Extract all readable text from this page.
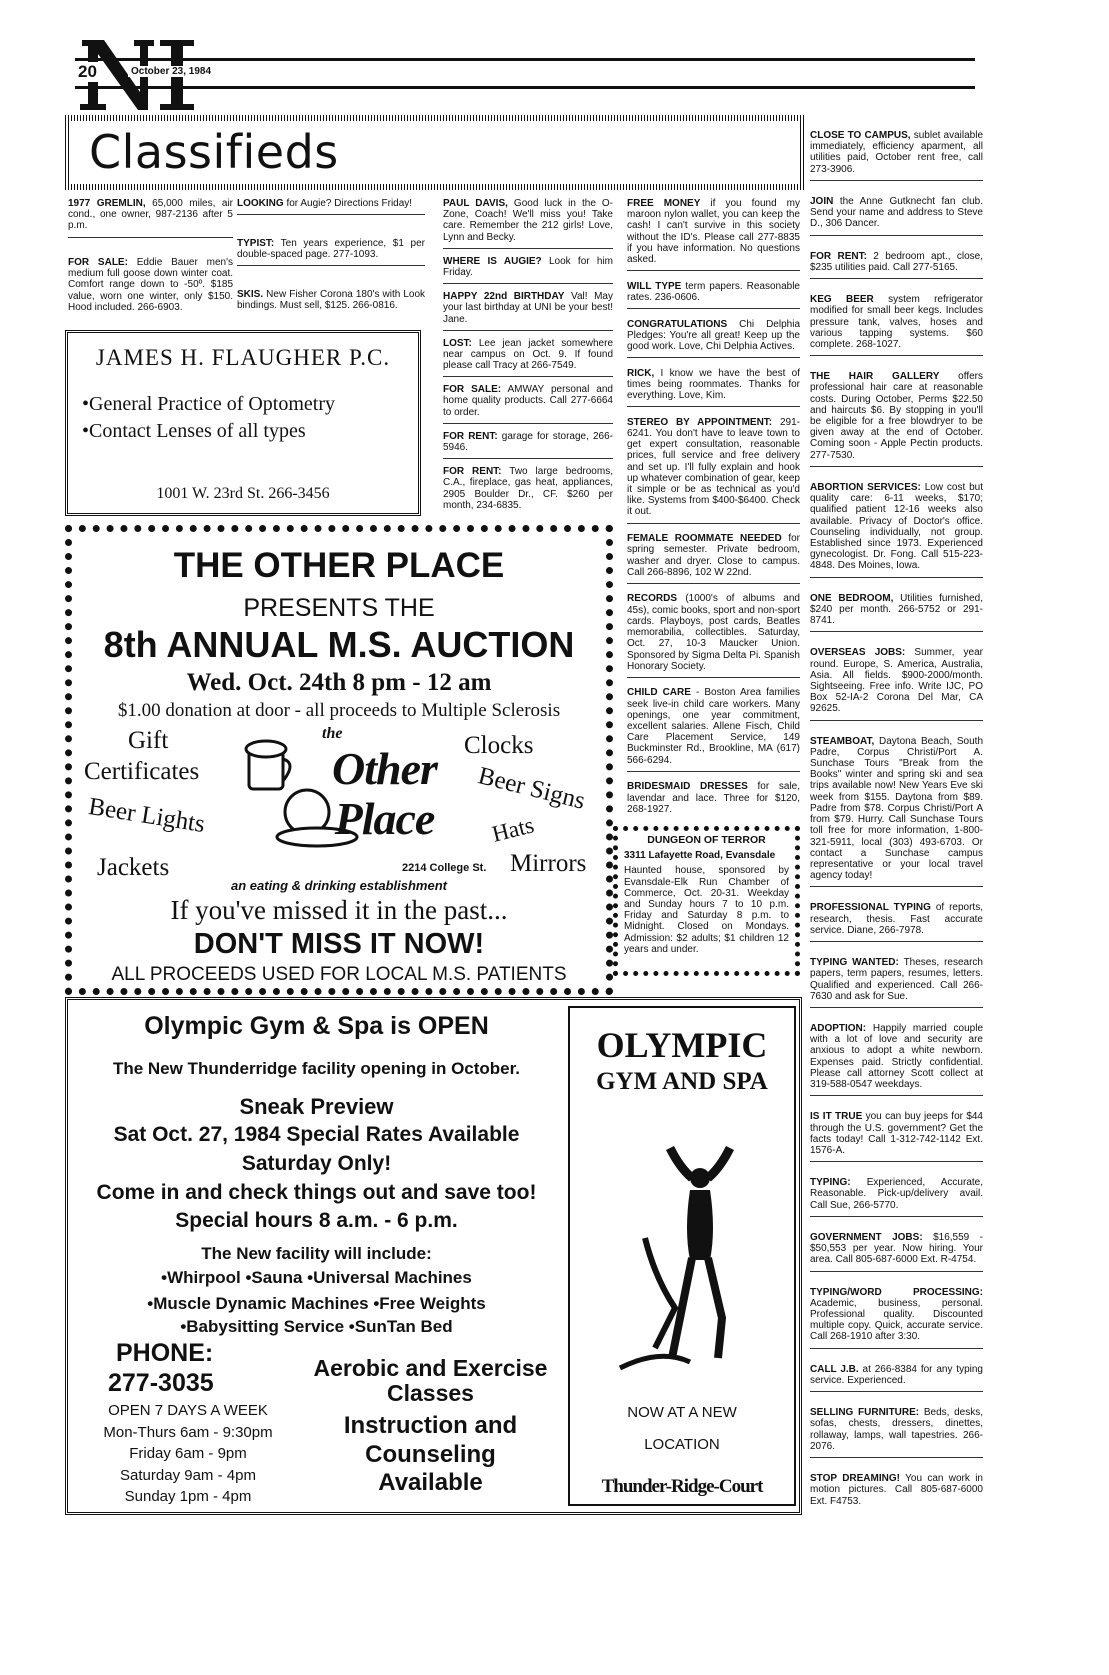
20	October 23, 1984
Classifieds
1977 GREMLIN, 65,000 miles, air cond., one owner, 987-2136 after 5 p.m.
FOR SALE: Eddie Bauer men's medium full goose down winter coat. Comfort range down to -50º. $185 value, worn one winter, only $150. Hood included. 266-6903.
LOOKING for Augie? Directions Friday!
TYPIST: Ten years experience, $1 per double-spaced page. 277-1093.
SKIS. New Fisher Corona 180's with Look bindings. Must sell, $125. 266-0816.
PAUL DAVIS, Good luck in the O-Zone, Coach! We'll miss you! Take care. Remember the 212 girls! Love, Lynn and Becky.
WHERE IS AUGIE? Look for him Friday.
HAPPY 22nd BIRTHDAY Val! May your last birthday at UNI be your best! Jane.
LOST: Lee jean jacket somewhere near campus on Oct. 9. If found please call Tracy at 266-7549.
FOR SALE: AMWAY personal and home quality products. Call 277-6664 to order.
FOR RENT: garage for storage, 266-5946.
FOR RENT: Two large bedrooms, C.A., fireplace, gas heat, appliances, 2905 Boulder Dr., CF. $260 per month, 234-6835.
FREE MONEY if you found my maroon nylon wallet, you can keep the cash! I can't survive in this society without the ID's. Please call 277-8835 if you have information. No questions asked.
WILL TYPE term papers. Reasonable rates. 236-0606.
CONGRATULATIONS Chi Delphia Pledges: You're all great! Keep up the good work. Love, Chi Delphia Actives.
RICK, I know we have the best of times being roommates. Thanks for everything. Love, Kim.
STEREO BY APPOINTMENT: 291-6241. You don't have to leave town to get expert consultation, reasonable prices, full service and free delivery and set up. I'll fully explain and hook up whatever combination of gear, keep it simple or be as technical as you'd like. Systems from $400-$6400. Check it out.
FEMALE ROOMMATE NEEDED for spring semester. Private bedroom, washer and dryer. Close to campus. Call 266-8896, 102 W 22nd.
RECORDS (1000's of albums and 45s), comic books, sport and non-sport cards. Playboys, post cards, Beatles memorabilia, collectibles. Saturday, Oct. 27, 10-3 Maucker Union. Sponsored by Sigma Delta Pi. Spanish Honorary Society.
CHILD CARE - Boston Area families seek live-in child care workers. Many openings, one year commitment, excellent salaries. Allene Fisch, Child Care Placement Service, 149 Buckminster Rd., Brookline, MA (617) 566-6294.
BRIDESMAID DRESSES for sale, lavendar and lace. Three for $120, 268-1927.
CLOSE TO CAMPUS, sublet available immediately, efficiency aparment, all utilities paid, October rent free, call 273-3906.
JOIN the Anne Gutknecht fan club. Send your name and address to Steve D., 306 Dancer.
FOR RENT: 2 bedroom apt., close, $235 utilities paid. Call 277-5165.
KEG BEER system refrigerator modified for small beer kegs. Includes pressure tank, valves, hoses and various tapping systems. $60 complete. 268-1027.
THE HAIR GALLERY offers professional hair care at reasonable costs. During October, Perms $22.50 and haircuts $6. By stopping in you'll be eligible for a free blowdryer to be given away at the end of October. Coming soon - Apple Pectin products. 277-7530.
ABORTION SERVICES: Low cost but quality care: 6-11 weeks, $170; qualified patient 12-16 weeks also available. Privacy of Doctor's office. Counseling individually, not group. Established since 1973. Experienced gynecologist. Dr. Fong. Call 515-223-4848. Des Moines, Iowa.
ONE BEDROOM, Utilities furnished, $240 per month. 266-5752 or 291-8741.
OVERSEAS JOBS: Summer, year round. Europe, S. America, Australia, Asia. All fields. $900-2000/month. Sightseeing. Free info. Write IJC, PO Box 52-IA-2 Corona Del Mar, CA 92625.
STEAMBOAT, Daytona Beach, South Padre, Corpus Christi/Port A. Sunchase Tours "Break from the Books" winter and spring ski and sea trips available now! New Years Eve ski week from $155. Daytona from $89. Padre from $78. Corpus Christi/Port A from $79. Hurry. Call Sunchase Tours toll free for more information, 1-800-321-5911, local (303) 493-6703. Or contact a Sunchase campus representative or your local travel agency today!
PROFESSIONAL TYPING of reports, research, thesis. Fast accurate service. Diane, 266-7978.
TYPING WANTED: Theses, research papers, term papers, resumes, letters. Qualified and experienced. Call 266-7630 and ask for Sue.
ADOPTION: Happily married couple with a lot of love and security are anxious to adopt a white newborn. Expenses paid. Strictly confidential. Please call attorney Scott collect at 319-588-0547 weekdays.
IS IT TRUE you can buy jeeps for $44 through the U.S. government? Get the facts today! Call 1-312-742-1142 Ext. 1576-A.
TYPING: Experienced, Accurate, Reasonable. Pick-up/delivery avail. Call Sue, 266-5770.
GOVERNMENT JOBS: $16,559 - $50,553 per year. Now hiring. Your area. Call 805-687-6000 Ext. R-4754.
TYPING/WORD PROCESSING: Academic, business, personal. Professional quality. Discounted multiple copy. Quick, accurate service. Call 268-1910 after 3:30.
CALL J.B. at 266-8384 for any typing service. Experienced.
SELLING FURNITURE: Beds, desks, sofas, chests, dressers, dinettes, rollaway, lamps, wall tapestries. 266-2076.
STOP DREAMING! You can work in motion pictures. Call 805-687-6000 Ext. F4753.
JAMES H. FLAUGHER P.C.
•General Practice of Optometry
•Contact Lenses of all types
1001 W. 23rd St. 266-3456
THE OTHER PLACE
PRESENTS THE
8th ANNUAL M.S. AUCTION
Wed. Oct. 24th 8 pm - 12 am
$1.00 donation at door - all proceeds to Multiple Sclerosis
Gift
Certificates
Beer Lights
Jackets
Clocks
Beer Signs
Hats
Mirrors
the
Other Place
2214 College St.
an eating & drinking establishment
If you've missed it in the past...
DON'T MISS IT NOW!
ALL PROCEEDS USED FOR LOCAL M.S. PATIENTS
DUNGEON OF TERROR
3311 Lafayette Road, Evansdale
Haunted house, sponsored by Evansdale-Elk Run Chamber of Commerce, Oct. 20-31. Weekday and Sunday hours 7 to 10 p.m. Friday and Saturday 8 p.m. to Midnight. Closed on Mondays. Admission: $2 adults; $1 children 12 years and under.
Olympic Gym & Spa is OPEN
The New Thunderridge facility opening in October.
Sneak Preview
Sat Oct. 27, 1984 Special Rates Available
Saturday Only!
Come in and check things out and save too!
Special hours 8 a.m. - 6 p.m.
The New facility will include:
•Whirpool •Sauna •Universal Machines
•Muscle Dynamic Machines •Free Weights
•Babysitting Service •SunTan Bed
PHONE:
277-3035
OPEN 7 DAYS A WEEK
Mon-Thurs 6am - 9:30pm
Friday 6am - 9pm
Saturday 9am - 4pm
Sunday 1pm - 4pm
Aerobic and Exercise
Classes
Instruction and
Counseling
Available
OLYMPIC
GYM AND SPA
NOW AT A NEW
LOCATION
Thunder-Ridge-Court
